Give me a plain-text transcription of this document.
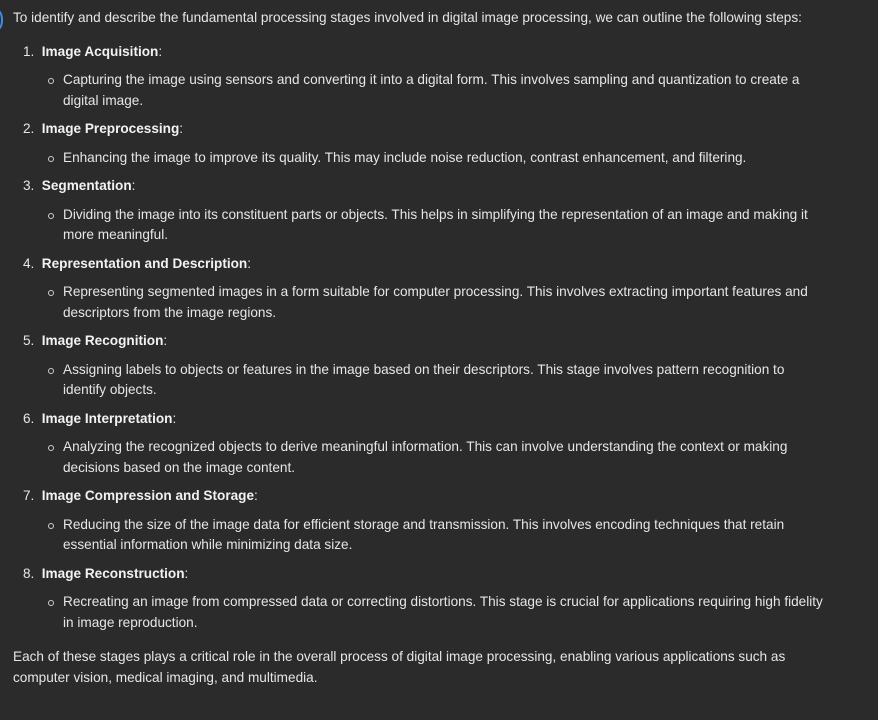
To identify and describe the fundamental processing stages involved in digital image processing, we can outline the following steps:

1. Image Acquisition:
Capturing the image using sensors and converting it into a digital form. This involves sampling and quantization to create a digital image.
2. Image Preprocessing:
Enhancing the image to improve its quality. This may include noise reduction, contrast enhancement, and filtering.
3. Segmentation:
Dividing the image into its constituent parts or objects. This helps in simplifying the representation of an image and making it more meaningful.
4. Representation and Description:
Representing segmented images in a form suitable for computer processing. This involves extracting important features and descriptors from the image regions.
5. Image Recognition:
Assigning labels to objects or features in the image based on their descriptors. This stage involves pattern recognition to identify objects.
6. Image Interpretation:
Analyzing the recognized objects to derive meaningful information. This can involve understanding the context or making decisions based on the image content.
7. Image Compression and Storage:
Reducing the size of the image data for efficient storage and transmission. This involves encoding techniques that retain essential information while minimizing data size.
8. Image Reconstruction:
Recreating an image from compressed data or correcting distortions. This stage is crucial for applications requiring high fidelity in image reproduction.

Each of these stages plays a critical role in the overall process of digital image processing, enabling various applications such as computer vision, medical imaging, and multimedia.
